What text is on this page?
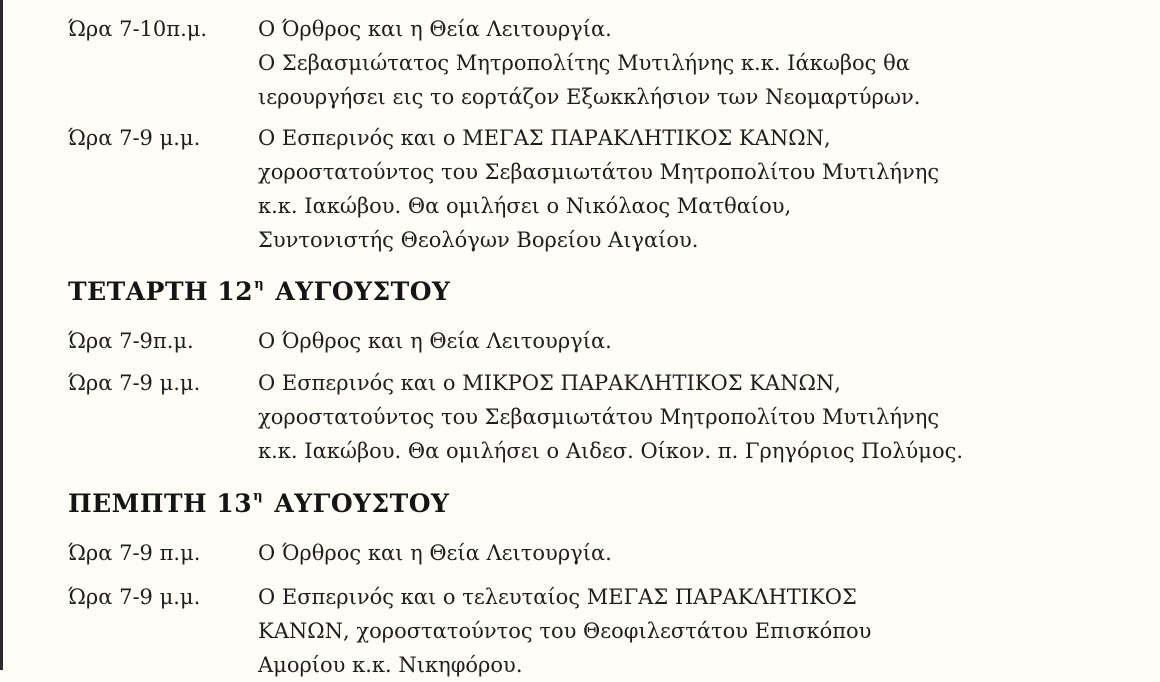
Ώρα 7-10π.μ. Ο Όρθρος και η Θεία Λειτουργία.
Ο Σεβασμιώτατος Μητροπολίτης Μυτιλήνης κ.κ. Ιάκωβος θα
ιερουργήσει εις το εορτάζον Εξωκκλήσιον των Νεομαρτύρων.
Ώρα 7-9 μ.μ.	Ο Εσπερινός και ο ΜΕΓΑΣ ΠΑΡΑΚΛΗΤΙΚΟΣ ΚΑΝΩΝ,
χοροστατούντος του Σεβασμιωτάτου Μητροπολίτου Μυτιλήνης
κ.κ. Ιακώβου. Θα ομιλήσει ο Νικόλαος Ματθαίου,
Συντονιστής Θεολόγων Βορείου Αιγαίου.
ΤΕΤΑΡΤΗ $12^\eta$ ΑΥΓΟΥΣΤΟΥ
Ώρα 7-9π.μ.	Ο Όρθρος και η Θεία Λειτουργία.
Ώρα 7-9 μ.μ.	Ο Εσπερινός και ο ΜΙΚΡΟΣ ΠΑΡΑΚΛΗΤΙΚΟΣ ΚΑΝΩΝ,
χοροστατούντος του Σεβασμιωτάτου Μητροπολίτου Μυτιλήνης
κ.κ. Ιακώβου. Θα ομιλήσει ο Αιδεσ. Οίκον. π. Γρηγόριος Πολύμος.
ΠΕΜΠΤΗ $13^\eta$ ΑΥΓΟΥΣΤΟΥ
Ώρα 7-9 π.μ.	Ο Όρθρος και η Θεία Λειτουργία.
Ώρα 7-9 μ.μ.	Ο Εσπερινός και ο τελευταίος ΜΕΓΑΣ ΠΑΡΑΚΛΗΤΙΚΟΣ
ΚΑΝΩΝ, χοροστατούντος του Θεοφιλεστάτου Επισκόπου
Αμορίου κ.κ. Νικηφόρου.
